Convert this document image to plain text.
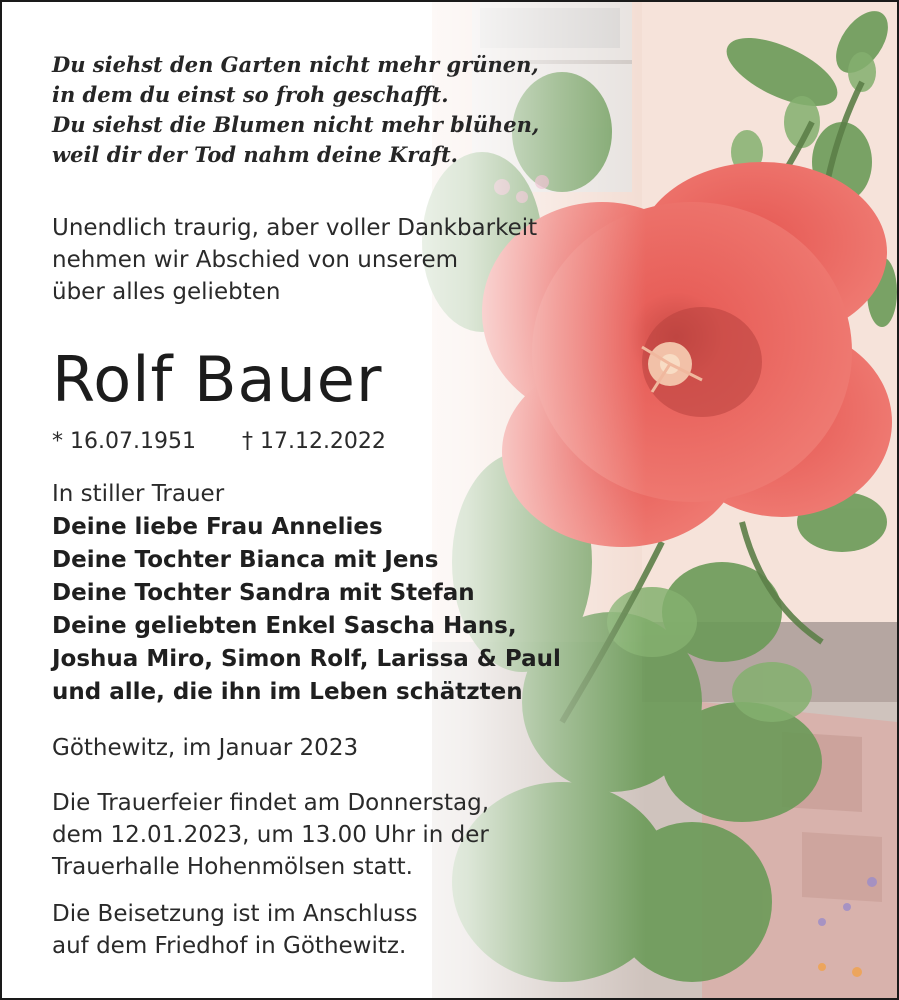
Du siehst den Garten nicht mehr grünen,
in dem du einst so froh geschafft.
Du siehst die Blumen nicht mehr blühen,
weil dir der Tod nahm deine Kraft.
Unendlich traurig, aber voller Dankbarkeit
nehmen wir Abschied von unserem
über alles geliebten
Rolf Bauer
* 16.07.1951 † 17.12.2022
In stiller Trauer
Deine liebe Frau Annelies
Deine Tochter Bianca mit Jens
Deine Tochter Sandra mit Stefan
Deine geliebten Enkel Sascha Hans,
Joshua Miro, Simon Rolf, Larissa & Paul
und alle, die ihn im Leben schätzten
Göthewitz, im Januar 2023
Die Trauerfeier findet am Donnerstag,
dem 12.01.2023, um 13.00 Uhr in der
Trauerhalle Hohenmölsen statt.
Die Beisetzung ist im Anschluss
auf dem Friedhof in Göthewitz.
